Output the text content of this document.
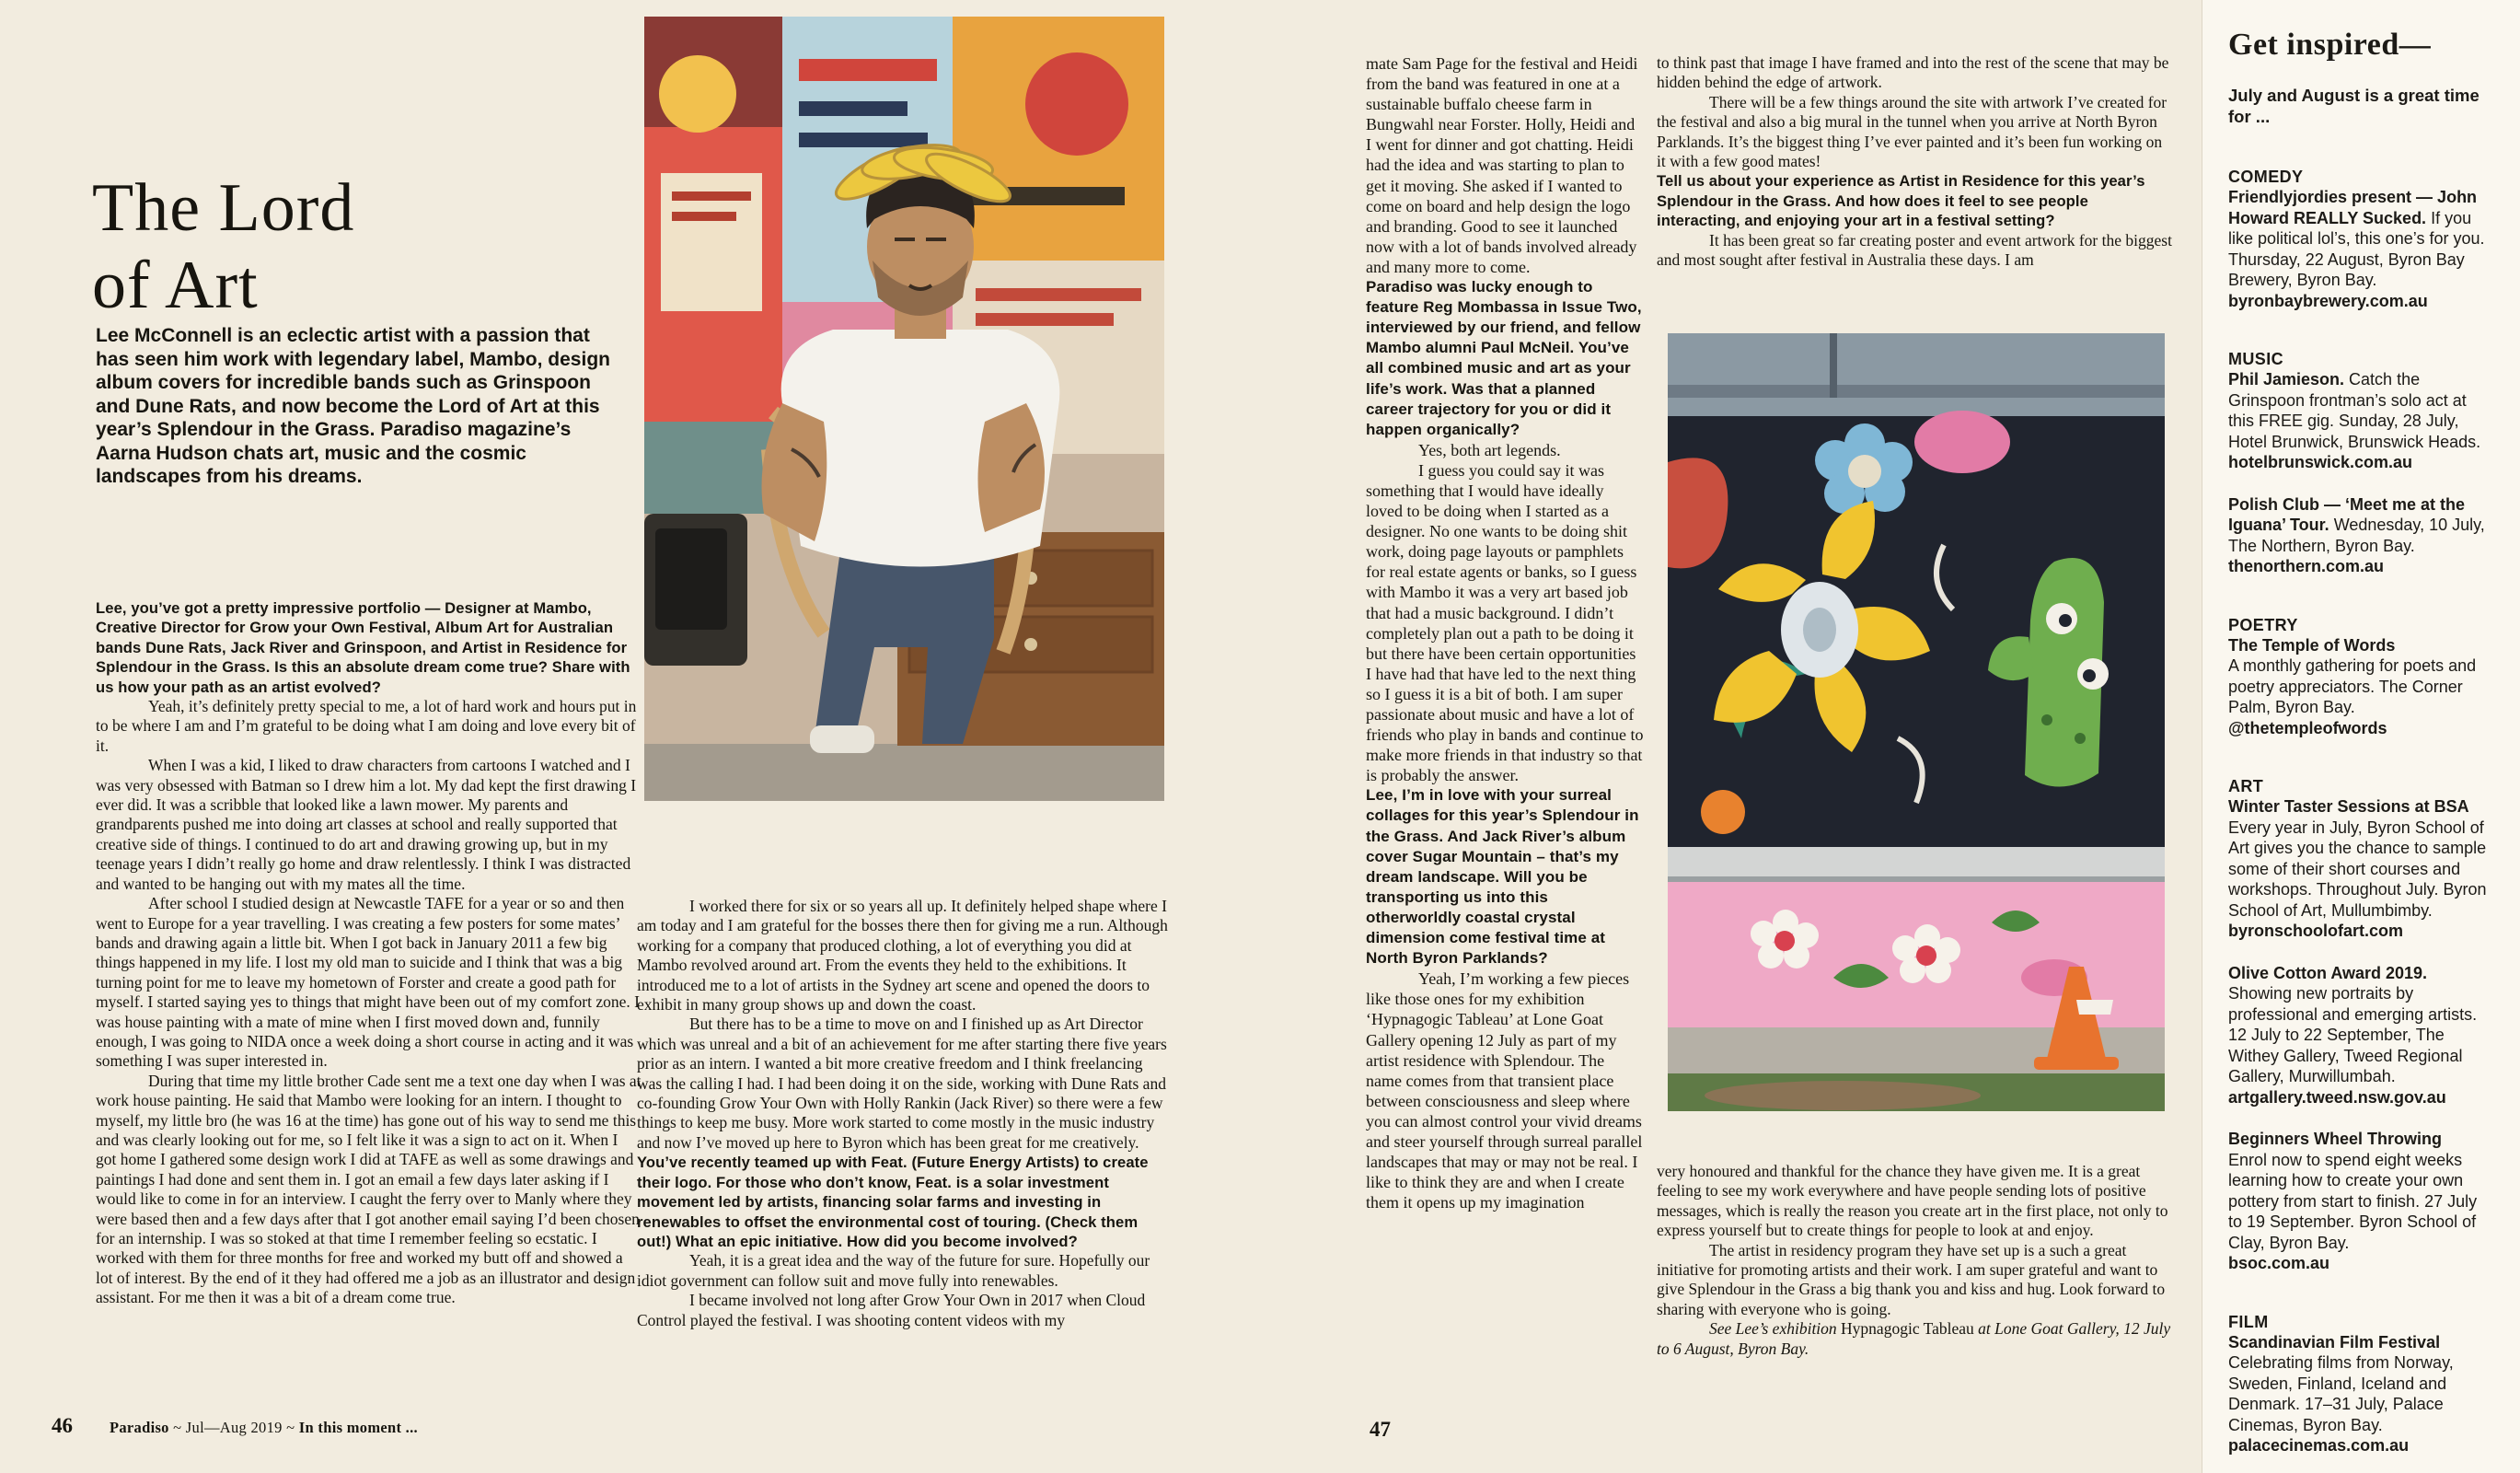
The Lord
of Art
Lee McConnell is an eclectic artist with a passion that has seen him work with legendary label, Mambo, design album covers for incredible bands such as Grinspoon and Dune Rats, and now become the Lord of Art at this year’s Splendour in the Grass. Paradiso magazine’s Aarna Hudson chats art, music and the cosmic landscapes from his dreams.

Lee, you’ve got a pretty impressive portfolio — Designer at Mambo, Creative Director for Grow your Own Festival, Album Art for Australian bands Dune Rats, Jack River and Grinspoon, and Artist in Residence for Splendour in the Grass. Is this an absolute dream come true? Share with us how your path as an artist evolved?

Yeah, it’s definitely pretty special to me, a lot of hard work and hours put in to be where I am and I’m grateful to be doing what I am doing and love every bit of it.

When I was a kid, I liked to draw characters from cartoons I watched and I was very obsessed with Batman so I drew him a lot. My dad kept the first drawing I ever did. It was a scribble that looked like a lawn mower. My parents and grandparents pushed me into doing art classes at school and really supported that creative side of things. I continued to do art and drawing growing up, but in my teenage years I didn’t really go home and draw relentlessly. I think I was distracted and wanted to be hanging out with my mates all the time.

After school I studied design at Newcastle TAFE for a year or so and then went to Europe for a year travelling. I was creating a few posters for some mates’ bands and drawing again a little bit. When I got back in January 2011 a few big things happened in my life. I lost my old man to suicide and I think that was a big turning point for me to leave my hometown of Forster and create a good path for myself. I started saying yes to things that might have been out of my comfort zone. I was house painting with a mate of mine when I first moved down and, funnily enough, I was going to NIDA once a week doing a short course in acting and it was something I was super interested in.

During that time my little brother Cade sent me a text one day when I was at work house painting. He said that Mambo were looking for an intern. I thought to myself, my little bro (he was 16 at the time) has gone out of his way to send me this and was clearly looking out for me, so I felt like it was a sign to act on it. When I got home I gathered some design work I did at TAFE as well as some drawings and paintings I had done and sent them in. I got an email a few days later asking if I would like to come in for an interview. I caught the ferry over to Manly where they were based then and a few days after that I got another email saying I’d been chosen for an internship. I was so stoked at that time I remember feeling so ecstatic. I worked with them for three months for free and worked my butt off and showed a lot of interest. By the end of it they had offered me a job as an illustrator and design assistant. For me then it was a bit of a dream come true.

I worked there for six or so years all up. It definitely helped shape where I am today and I am grateful for the bosses there then for giving me a run. Although working for a company that produced clothing, a lot of everything you did at Mambo revolved around art. From the events they held to the exhibitions. It introduced me to a lot of artists in the Sydney art scene and opened the doors to exhibit in many group shows up and down the coast.

But there has to be a time to move on and I finished up as Art Director which was unreal and a bit of an achievement for me after starting there five years prior as an intern. I wanted a bit more creative freedom and I think freelancing was the calling I had. I had been doing it on the side, working with Dune Rats and co-founding Grow Your Own with Holly Rankin (Jack River) so there were a few things to keep me busy. More work started to come mostly in the music industry and now I’ve moved up here to Byron which has been great for me creatively.

You’ve recently teamed up with Feat. (Future Energy Artists) to create their logo. For those who don’t know, Feat. is a solar investment movement led by artists, financing solar farms and investing in renewables to offset the environmental cost of touring. (Check them out!) What an epic initiative. How did you become involved?

Yeah, it is a great idea and the way of the future for sure. Hopefully our idiot government can follow suit and move fully into renewables.

I became involved not long after Grow Your Own in 2017 when Cloud Control played the festival. I was shooting content videos with my

46 Paradiso ~ Jul—Aug 2019 ~ In this moment ...

mate Sam Page for the festival and Heidi from the band was featured in one at a sustainable buffalo cheese farm in Bungwahl near Forster. Holly, Heidi and I went for dinner and got chatting. Heidi had the idea and was starting to plan to get it moving. She asked if I wanted to come on board and help design the logo and branding. Good to see it launched now with a lot of bands involved already and many more to come.

Paradiso was lucky enough to feature Reg Mombassa in Issue Two, interviewed by our friend, and fellow Mambo alumni Paul McNeil. You’ve all combined music and art as your life’s work. Was that a planned career trajectory for you or did it happen organically?

Yes, both art legends.

I guess you could say it was something that I would have ideally loved to be doing when I started as a designer. No one wants to be doing shit work, doing page layouts or pamphlets for real estate agents or banks, so I guess with Mambo it was a very art based job that had a music background. I didn’t completely plan out a path to be doing it but there have been certain opportunities I have had that have led to the next thing so I guess it is a bit of both. I am super passionate about music and have a lot of friends who play in bands and continue to make more friends in that industry so that is probably the answer.

Lee, I’m in love with your surreal collages for this year’s Splendour in the Grass. And Jack River’s album cover Sugar Mountain – that’s my dream landscape. Will you be transporting us into this otherworldly coastal crystal dimension come festival time at North Byron Parklands?

Yeah, I’m working a few pieces like those ones for my exhibition ‘Hypnagogic Tableau’ at Lone Goat Gallery opening 12 July as part of my artist residence with Splendour. The name comes from that transient place between consciousness and sleep where you can almost control your vivid dreams and steer yourself through surreal parallel landscapes that may or may not be real. I like to think they are and when I create them it opens up my imagination

to think past that image I have framed and into the rest of the scene that may be hidden behind the edge of artwork.

There will be a few things around the site with artwork I’ve created for the festival and also a big mural in the tunnel when you arrive at North Byron Parklands. It’s the biggest thing I’ve ever painted and it’s been fun working on it with a few good mates!

Tell us about your experience as Artist in Residence for this year’s Splendour in the Grass. And how does it feel to see people interacting, and enjoying your art in a festival setting?

It has been great so far creating poster and event artwork for the biggest and most sought after festival in Australia these days. I am

very honoured and thankful for the chance they have given me. It is a great feeling to see my work everywhere and have people sending lots of positive messages, which is really the reason you create art in the first place, not only to express yourself but to create things for people to look at and enjoy.

The artist in residency program they have set up is a such a great initiative for promoting artists and their work. I am super grateful and want to give Splendour in the Grass a big thank you and kiss and hug. Look forward to sharing with everyone who is going.

See Lee’s exhibition Hypnagogic Tableau at Lone Goat Gallery, 12 July to 6 August, Byron Bay.

47
Get inspired—
July and August is a great time for ...
COMEDY
Friendlyjordies present — John Howard REALLY Sucked. If you like political lol’s, this one’s for you. Thursday, 22 August, Byron Bay Brewery, Byron Bay.
byronbaybrewery.com.au
MUSIC
Phil Jamieson. Catch the Grinspoon frontman’s solo act at this FREE gig. Sunday, 28 July, Hotel Brunwick, Brunswick Heads.
hotelbrunswick.com.au
Polish Club — ‘Meet me at the Iguana’ Tour. Wednesday, 10 July, The Northern, Byron Bay.
thenorthern.com.au
POETRY
The Temple of Words
A monthly gathering for poets and poetry appreciators. The Corner Palm, Byron Bay.
@thetempleofwords
ART
Winter Taster Sessions at BSA
Every year in July, Byron School of Art gives you the chance to sample some of their short courses and workshops. Throughout July. Byron School of Art, Mullumbimby.
byronschoolofart.com
Olive Cotton Award 2019.
Showing new portraits by professional and emerging artists. 12 July to 22 September, The Withey Gallery, Tweed Regional Gallery, Murwillumbah.
artgallery.tweed.nsw.gov.au
Beginners Wheel Throwing
Enrol now to spend eight weeks learning how to create your own pottery from start to finish. 27 July to 19 September. Byron School of Clay, Byron Bay.
bsoc.com.au
FILM
Scandinavian Film Festival
Celebrating films from Norway, Sweden, Finland, Iceland and Denmark. 17–31 July, Palace Cinemas, Byron Bay.
palacecinemas.com.au
